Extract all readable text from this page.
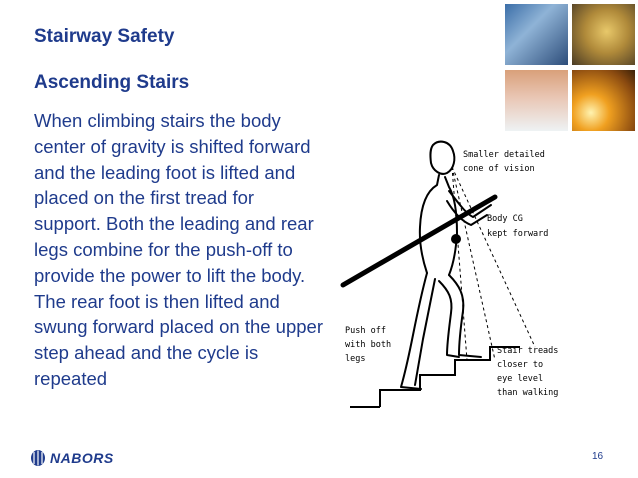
Stairway Safety
Ascending Stairs
When climbing stairs the body center of gravity is shifted forward and the leading foot is lifted and placed on the first tread for support. Both the leading and rear legs combine for the push-off to provide the power to lift the body. The rear foot is then lifted and swung forward placed on the upper step ahead and the cycle is repeated
Smaller detailed
cone of vision
Body CG
kept forward
Push off
with both
legs
Stair treads
closer to
eye level
than walking
NABORS	16
